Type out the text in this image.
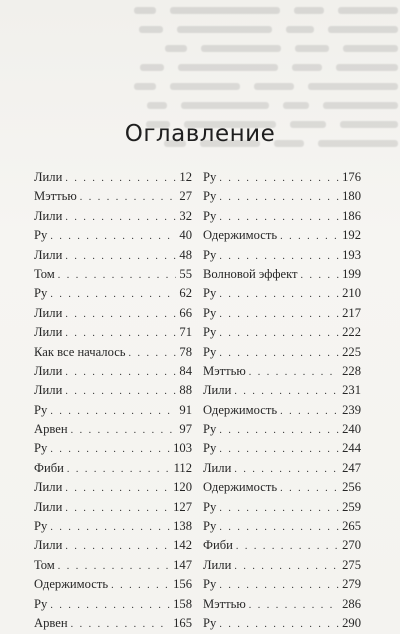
Оглавление
Лили . . .	12
Мэттью . . .	27
Лили . . .	32
Ру . . .	40
Лили . . .	48
Том . . .	55
Ру . . .	62
Лили . . .	66
Лили . . .	71
Как все началось . . .	78
Лили . . .	84
Лили . . .	88
Ру . . .	91
Арвен . . .	97
Ру . . .	103
Фиби . . .	112
Лили . . .	120
Лили . . .	127
Ру . . .	138
Лили . . .	142
Том . . .	147
Одержимость . . .	156
Ру . . .	158
Арвен . . .	165
Ру . . .	176
Ру . . .	180
Ру . . .	186
Одержимость . . .	192
Ру . . .	193
Волновой эффект . . .	199
Ру . . .	210
Ру . . .	217
Ру . . .	222
Ру . . .	225
Мэттью . . .	228
Лили . . .	231
Одержимость . . .	239
Ру . . .	240
Ру . . .	244
Лили . . .	247
Одержимость . . .	256
Ру . . .	259
Ру . . .	265
Фиби . . .	270
Лили . . .	275
Ру . . .	279
Мэттью . . .	286
Ру . . .	290
